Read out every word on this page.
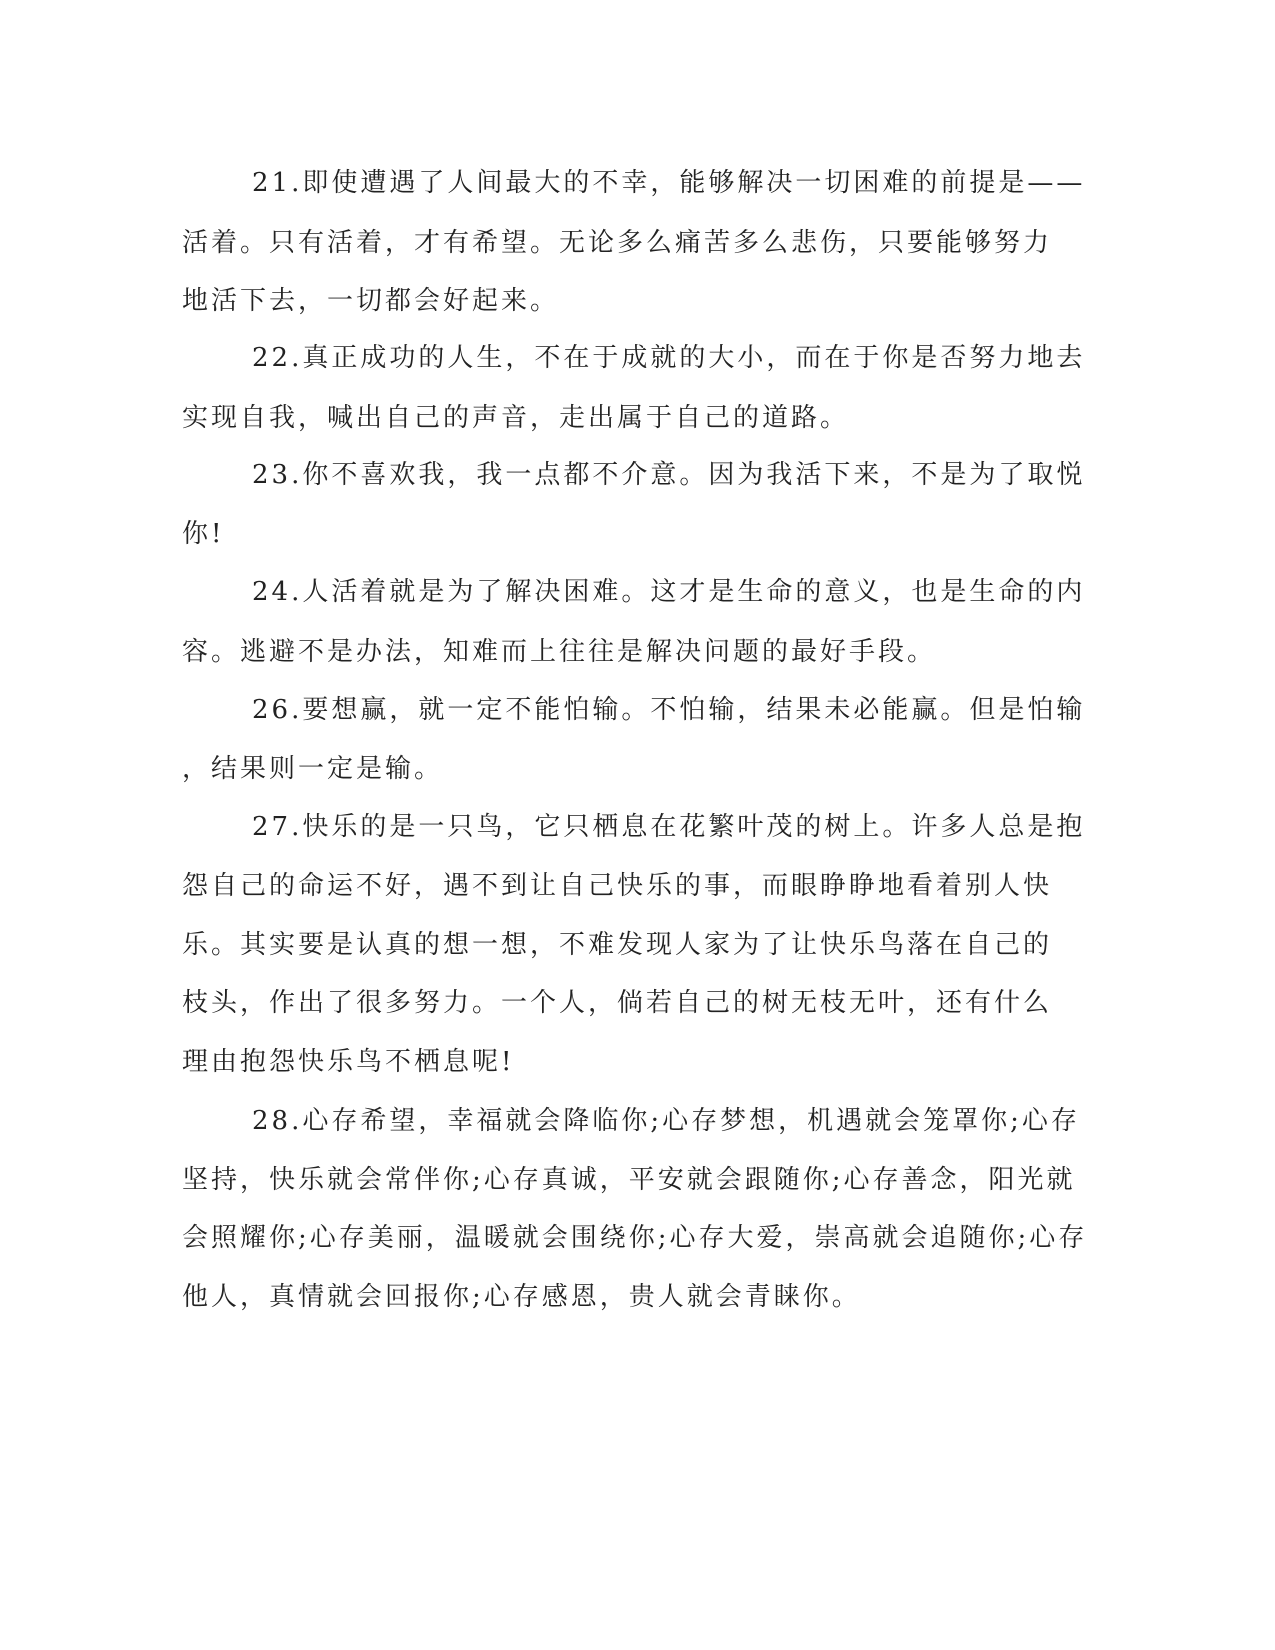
21.即使遭遇了人间最大的不幸，能够解决一切困难的前提是——
活着。只有活着，才有希望。无论多么痛苦多么悲伤，只要能够努力
地活下去，一切都会好起来。
22.真正成功的人生，不在于成就的大小，而在于你是否努力地去
实现自我，喊出自己的声音，走出属于自己的道路。
23.你不喜欢我，我一点都不介意。因为我活下来，不是为了取悦
你!
24.人活着就是为了解决困难。这才是生命的意义，也是生命的内
容。逃避不是办法，知难而上往往是解决问题的最好手段。
26.要想赢，就一定不能怕输。不怕输，结果未必能赢。但是怕输
，结果则一定是输。
27.快乐的是一只鸟，它只栖息在花繁叶茂的树上。许多人总是抱
怨自己的命运不好，遇不到让自己快乐的事，而眼睁睁地看着别人快
乐。其实要是认真的想一想，不难发现人家为了让快乐鸟落在自己的
枝头，作出了很多努力。一个人，倘若自己的树无枝无叶，还有什么
理由抱怨快乐鸟不栖息呢!
28.心存希望，幸福就会降临你;心存梦想，机遇就会笼罩你;心存
坚持，快乐就会常伴你;心存真诚，平安就会跟随你;心存善念，阳光就
会照耀你;心存美丽，温暖就会围绕你;心存大爱，崇高就会追随你;心存
他人，真情就会回报你;心存感恩，贵人就会青睐你。
